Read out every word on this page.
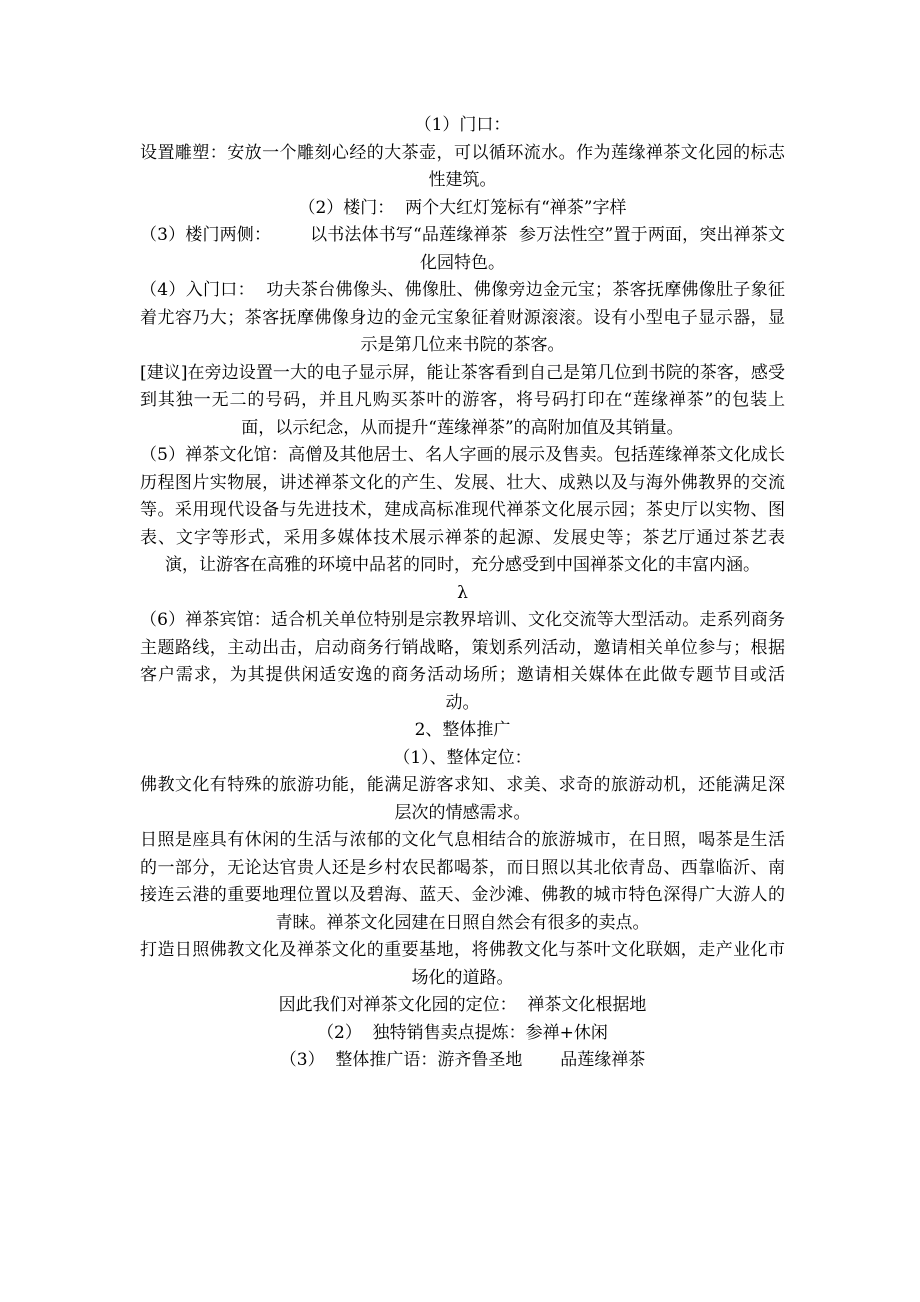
（1）门口：

设置雕塑：安放一个雕刻心经的大茶壶，可以循环流水。作为莲缘禅茶文化园的标志性建筑。

（2）楼门：  两个大红灯笼标有“禅茶”字样

（3）楼门两侧：       以书法体书写“品莲缘禅茶  参万法性空”置于两面，突出禅茶文化园特色。

（4）入门口：  功夫茶台佛像头、佛像肚、佛像旁边金元宝；茶客抚摩佛像肚子象征着尤容乃大；茶客抚摩佛像身边的金元宝象征着财源滚滚。设有小型电子显示器，显示是第几位来书院的茶客。

[建议]在旁边设置一大的电子显示屏，能让茶客看到自己是第几位到书院的茶客，感受到其独一无二的号码，并且凡购买茶叶的游客，将号码打印在“莲缘禅茶”的包装上面，以示纪念，从而提升“莲缘禅茶”的高附加值及其销量。

（5）禅茶文化馆：高僧及其他居士、名人字画的展示及售卖。包括莲缘禅茶文化成长历程图片实物展，讲述禅茶文化的产生、发展、壮大、成熟以及与海外佛教界的交流等。采用现代设备与先进技术，建成高标准现代禅茶文化展示园；茶史厅以实物、图表、文字等形式，采用多媒体技术展示禅茶的起源、发展史等；茶艺厅通过茶艺表演，让游客在高雅的环境中品茗的同时，充分感受到中国禅茶文化的丰富内涵。

λ

（6）禅茶宾馆：适合机关单位特别是宗教界培训、文化交流等大型活动。走系列商务主题路线，主动出击，启动商务行销战略，策划系列活动，邀请相关单位参与；根据客户需求，为其提供闲适安逸的商务活动场所；邀请相关媒体在此做专题节目或活动。

2、整体推广

（1）、整体定位：

佛教文化有特殊的旅游功能，能满足游客求知、求美、求奇的旅游动机，还能满足深层次的情感需求。

日照是座具有休闲的生活与浓郁的文化气息相结合的旅游城市，在日照，喝茶是生活的一部分，无论达官贵人还是乡村农民都喝茶，而日照以其北依青岛、西靠临沂、南接连云港的重要地理位置以及碧海、蓝天、金沙滩、佛教的城市特色深得广大游人的青睐。禅茶文化园建在日照自然会有很多的卖点。

打造日照佛教文化及禅茶文化的重要基地，将佛教文化与茶叶文化联姻，走产业化市场化的道路。

因此我们对禅茶文化园的定位：  禅茶文化根据地

（2）  独特销售卖点提炼：参禅+休闲

（3）  整体推广语：游齐鲁圣地       品莲缘禅茶
